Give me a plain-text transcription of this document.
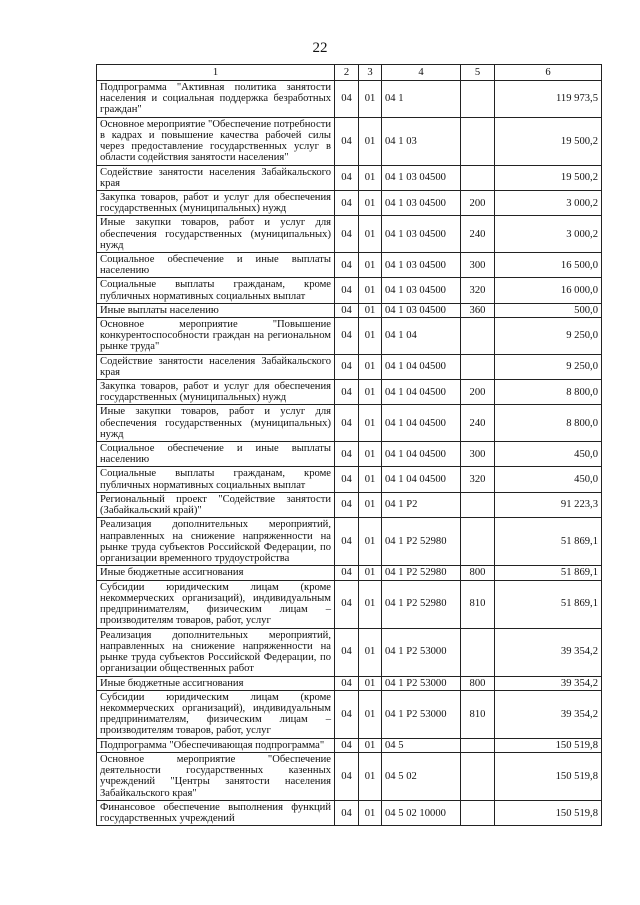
22
1	2	3	4	5	6
Подпрограмма "Активная политика занятости населения и социальная поддержка безработных граждан"	04	01	04 1		119 973,5
Основное мероприятие "Обеспечение потребности в кадрах и повышение качества рабочей силы через предоставление государственных услуг в области содействия занятости населения"	04	01	04 1 03		19 500,2
Содействие занятости населения Забайкальского края	04	01	04 1 03 04500		19 500,2
Закупка товаров, работ и услуг для обеспечения государственных (муниципальных) нужд	04	01	04 1 03 04500	200	3 000,2
Иные закупки товаров, работ и услуг для обеспечения государственных (муниципальных) нужд	04	01	04 1 03 04500	240	3 000,2
Социальное обеспечение и иные выплаты населению	04	01	04 1 03 04500	300	16 500,0
Социальные выплаты гражданам, кроме публичных нормативных социальных выплат	04	01	04 1 03 04500	320	16 000,0
Иные выплаты населению	04	01	04 1 03 04500	360	500,0
Основное мероприятие "Повышение конкурентоспособности граждан на региональном рынке труда"	04	01	04 1 04		9 250,0
Содействие занятости населения Забайкальского края	04	01	04 1 04 04500		9 250,0
Закупка товаров, работ и услуг для обеспечения государственных (муниципальных) нужд	04	01	04 1 04 04500	200	8 800,0
Иные закупки товаров, работ и услуг для обеспечения государственных (муниципальных) нужд	04	01	04 1 04 04500	240	8 800,0
Социальное обеспечение и иные выплаты населению	04	01	04 1 04 04500	300	450,0
Социальные выплаты гражданам, кроме публичных нормативных социальных выплат	04	01	04 1 04 04500	320	450,0
Региональный проект "Содействие занятости (Забайкальский край)"	04	01	04 1 Р2		91 223,3
Реализация дополнительных мероприятий, направленных на снижение напряженности на рынке труда субъектов Российской Федерации, по организации временного трудоустройства	04	01	04 1 Р2 52980		51 869,1
Иные бюджетные ассигнования	04	01	04 1 Р2 52980	800	51 869,1
Субсидии юридическим лицам (кроме некоммерческих организаций), индивидуальным предпринимателям, физическим лицам – производителям товаров, работ, услуг	04	01	04 1 Р2 52980	810	51 869,1
Реализация дополнительных мероприятий, направленных на снижение напряженности на рынке труда субъектов Российской Федерации, по организации общественных работ	04	01	04 1 Р2 53000		39 354,2
Иные бюджетные ассигнования	04	01	04 1 Р2 53000	800	39 354,2
Субсидии юридическим лицам (кроме некоммерческих организаций), индивидуальным предпринимателям, физическим лицам – производителям товаров, работ, услуг	04	01	04 1 Р2 53000	810	39 354,2
Подпрограмма "Обеспечивающая подпрограмма"	04	01	04 5		150 519,8
Основное мероприятие "Обеспечение деятельности государственных казенных учреждений "Центры занятости населения Забайкальского края"	04	01	04 5 02		150 519,8
Финансовое обеспечение выполнения функций государственных учреждений	04	01	04 5 02 10000		150 519,8
